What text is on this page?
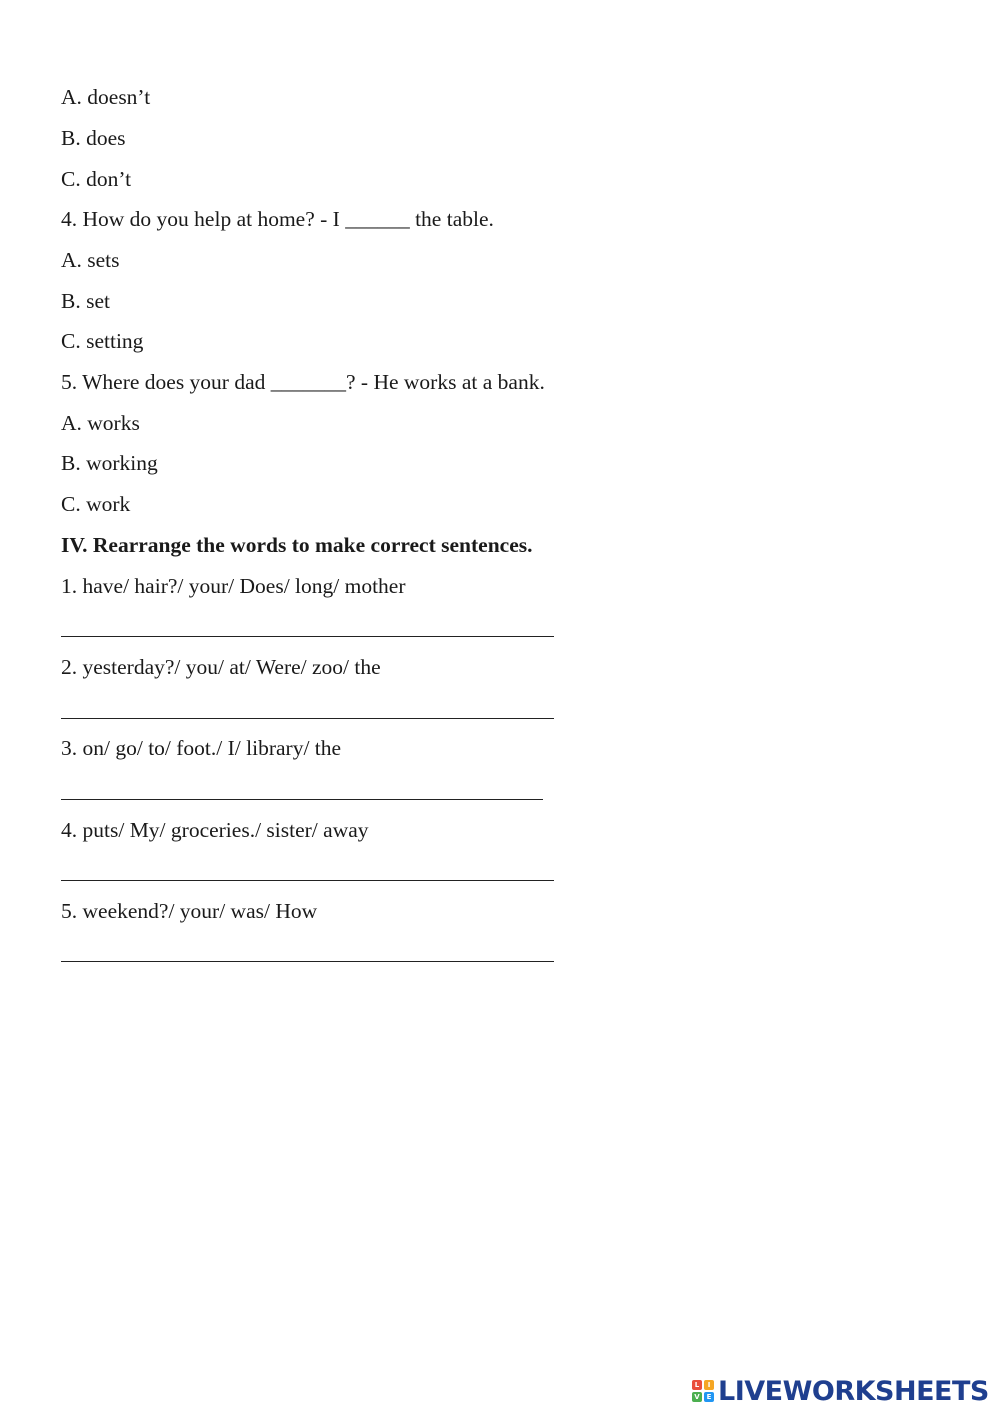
A. doesn’t
B. does
C. don’t
4. How do you help at home? - I ______ the table.
A. sets
B. set
C. setting
5. Where does your dad _______? - He works at a bank.
A. works
B. working
C. work
IV. Rearrange the words to make correct sentences.
1. have/ hair?/ your/ Does/ long/ mother
2. yesterday?/ you/ at/ Were/ zoo/ the
3. on/ go/ to/ foot./ I/ library/ the
4. puts/ My/ groceries./ sister/ away
5. weekend?/ your/ was/ How
L	I
V E LIVEWORKSHEETS
